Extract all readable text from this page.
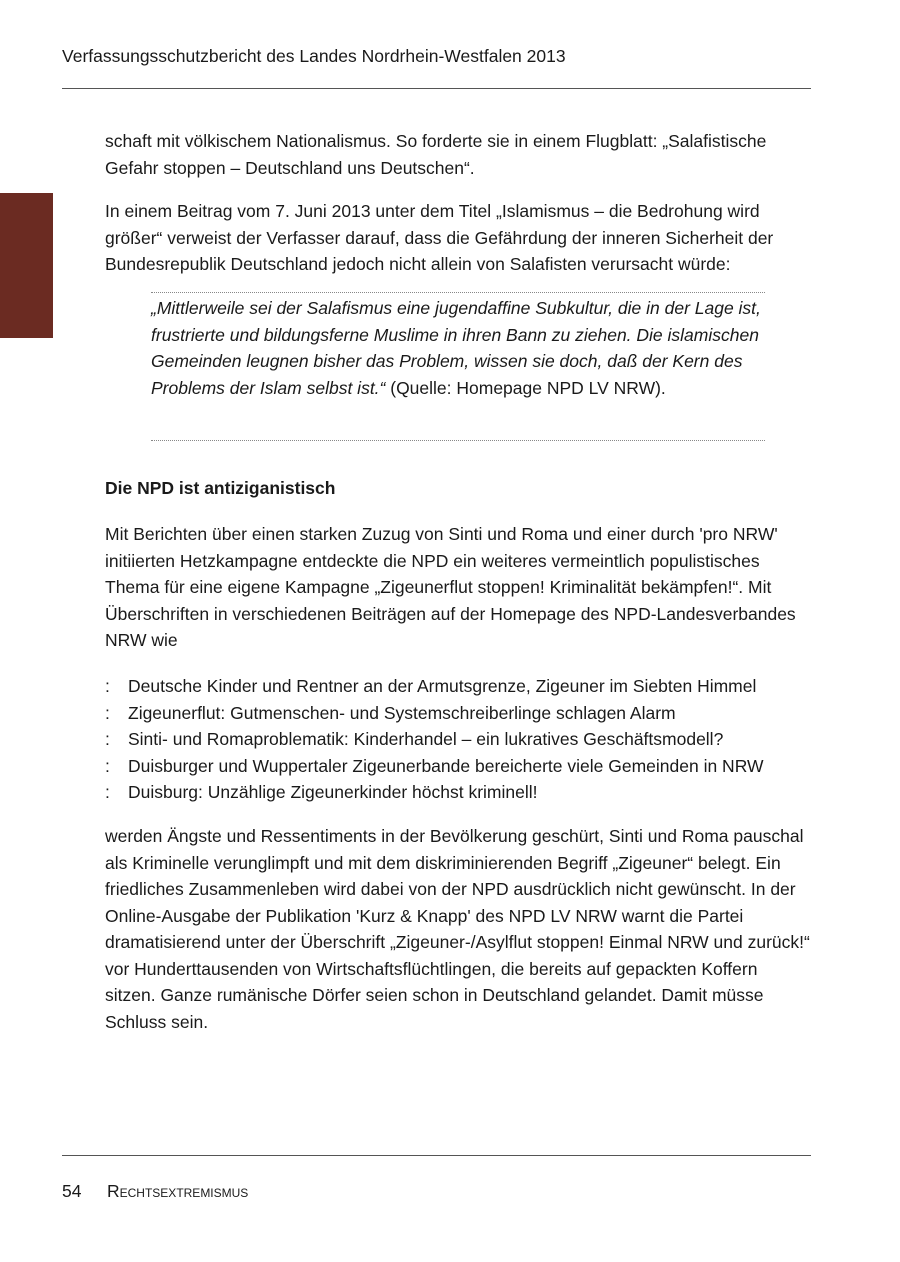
Verfassungsschutzbericht des Landes Nordrhein-Westfalen 2013

schaft mit völkischem Nationalismus. So forderte sie in einem Flugblatt: „Salafistische Gefahr stoppen – Deutschland uns Deutschen“.

In einem Beitrag vom 7. Juni 2013 unter dem Titel „Islamismus – die Bedrohung wird größer“ verweist der Verfasser darauf, dass die Gefährdung der inneren Sicherheit der Bundesrepublik Deutschland jedoch nicht allein von Salafisten verursacht würde:

„Mittlerweile sei der Salafismus eine jugendaffine Subkultur, die in der Lage ist, frustrierte und bildungsferne Muslime in ihren Bann zu ziehen. Die islamischen Gemeinden leugnen bisher das Problem, wissen sie doch, daß der Kern des Problems der Islam selbst ist.“ (Quelle: Homepage NPD LV NRW).

Die NPD ist antiziganistisch

Mit Berichten über einen starken Zuzug von Sinti und Roma und einer durch 'pro NRW' initiierten Hetzkampagne entdeckte die NPD ein weiteres vermeintlich populistisches Thema für eine eigene Kampagne „Zigeunerflut stoppen! Kriminalität bekämpfen!“. Mit Überschriften in verschiedenen Beiträgen auf der Homepage des NPD-Landesverbandes NRW wie

: Deutsche Kinder und Rentner an der Armutsgrenze, Zigeuner im Siebten Himmel
: Zigeunerflut: Gutmenschen- und Systemschreiberlinge schlagen Alarm
: Sinti- und Romaproblematik: Kinderhandel – ein lukratives Geschäftsmodell?
: Duisburger und Wuppertaler Zigeunerbande bereicherte viele Gemeinden in NRW
: Duisburg: Unzählige Zigeunerkinder höchst kriminell!

werden Ängste und Ressentiments in der Bevölkerung geschürt, Sinti und Roma pauschal als Kriminelle verunglimpft und mit dem diskriminierenden Begriff „Zigeuner“ belegt. Ein friedliches Zusammenleben wird dabei von der NPD ausdrücklich nicht gewünscht. In der Online-Ausgabe der Publikation 'Kurz & Knapp' des NPD LV NRW warnt die Partei dramatisierend unter der Überschrift „Zigeuner-/Asylflut stoppen! Einmal NRW und zurück!“ vor Hunderttausenden von Wirtschaftsflüchtlingen, die bereits auf gepackten Koffern sitzen. Ganze rumänische Dörfer seien schon in Deutschland gelandet. Damit müsse Schluss sein.

54 Rechtsextremismus
